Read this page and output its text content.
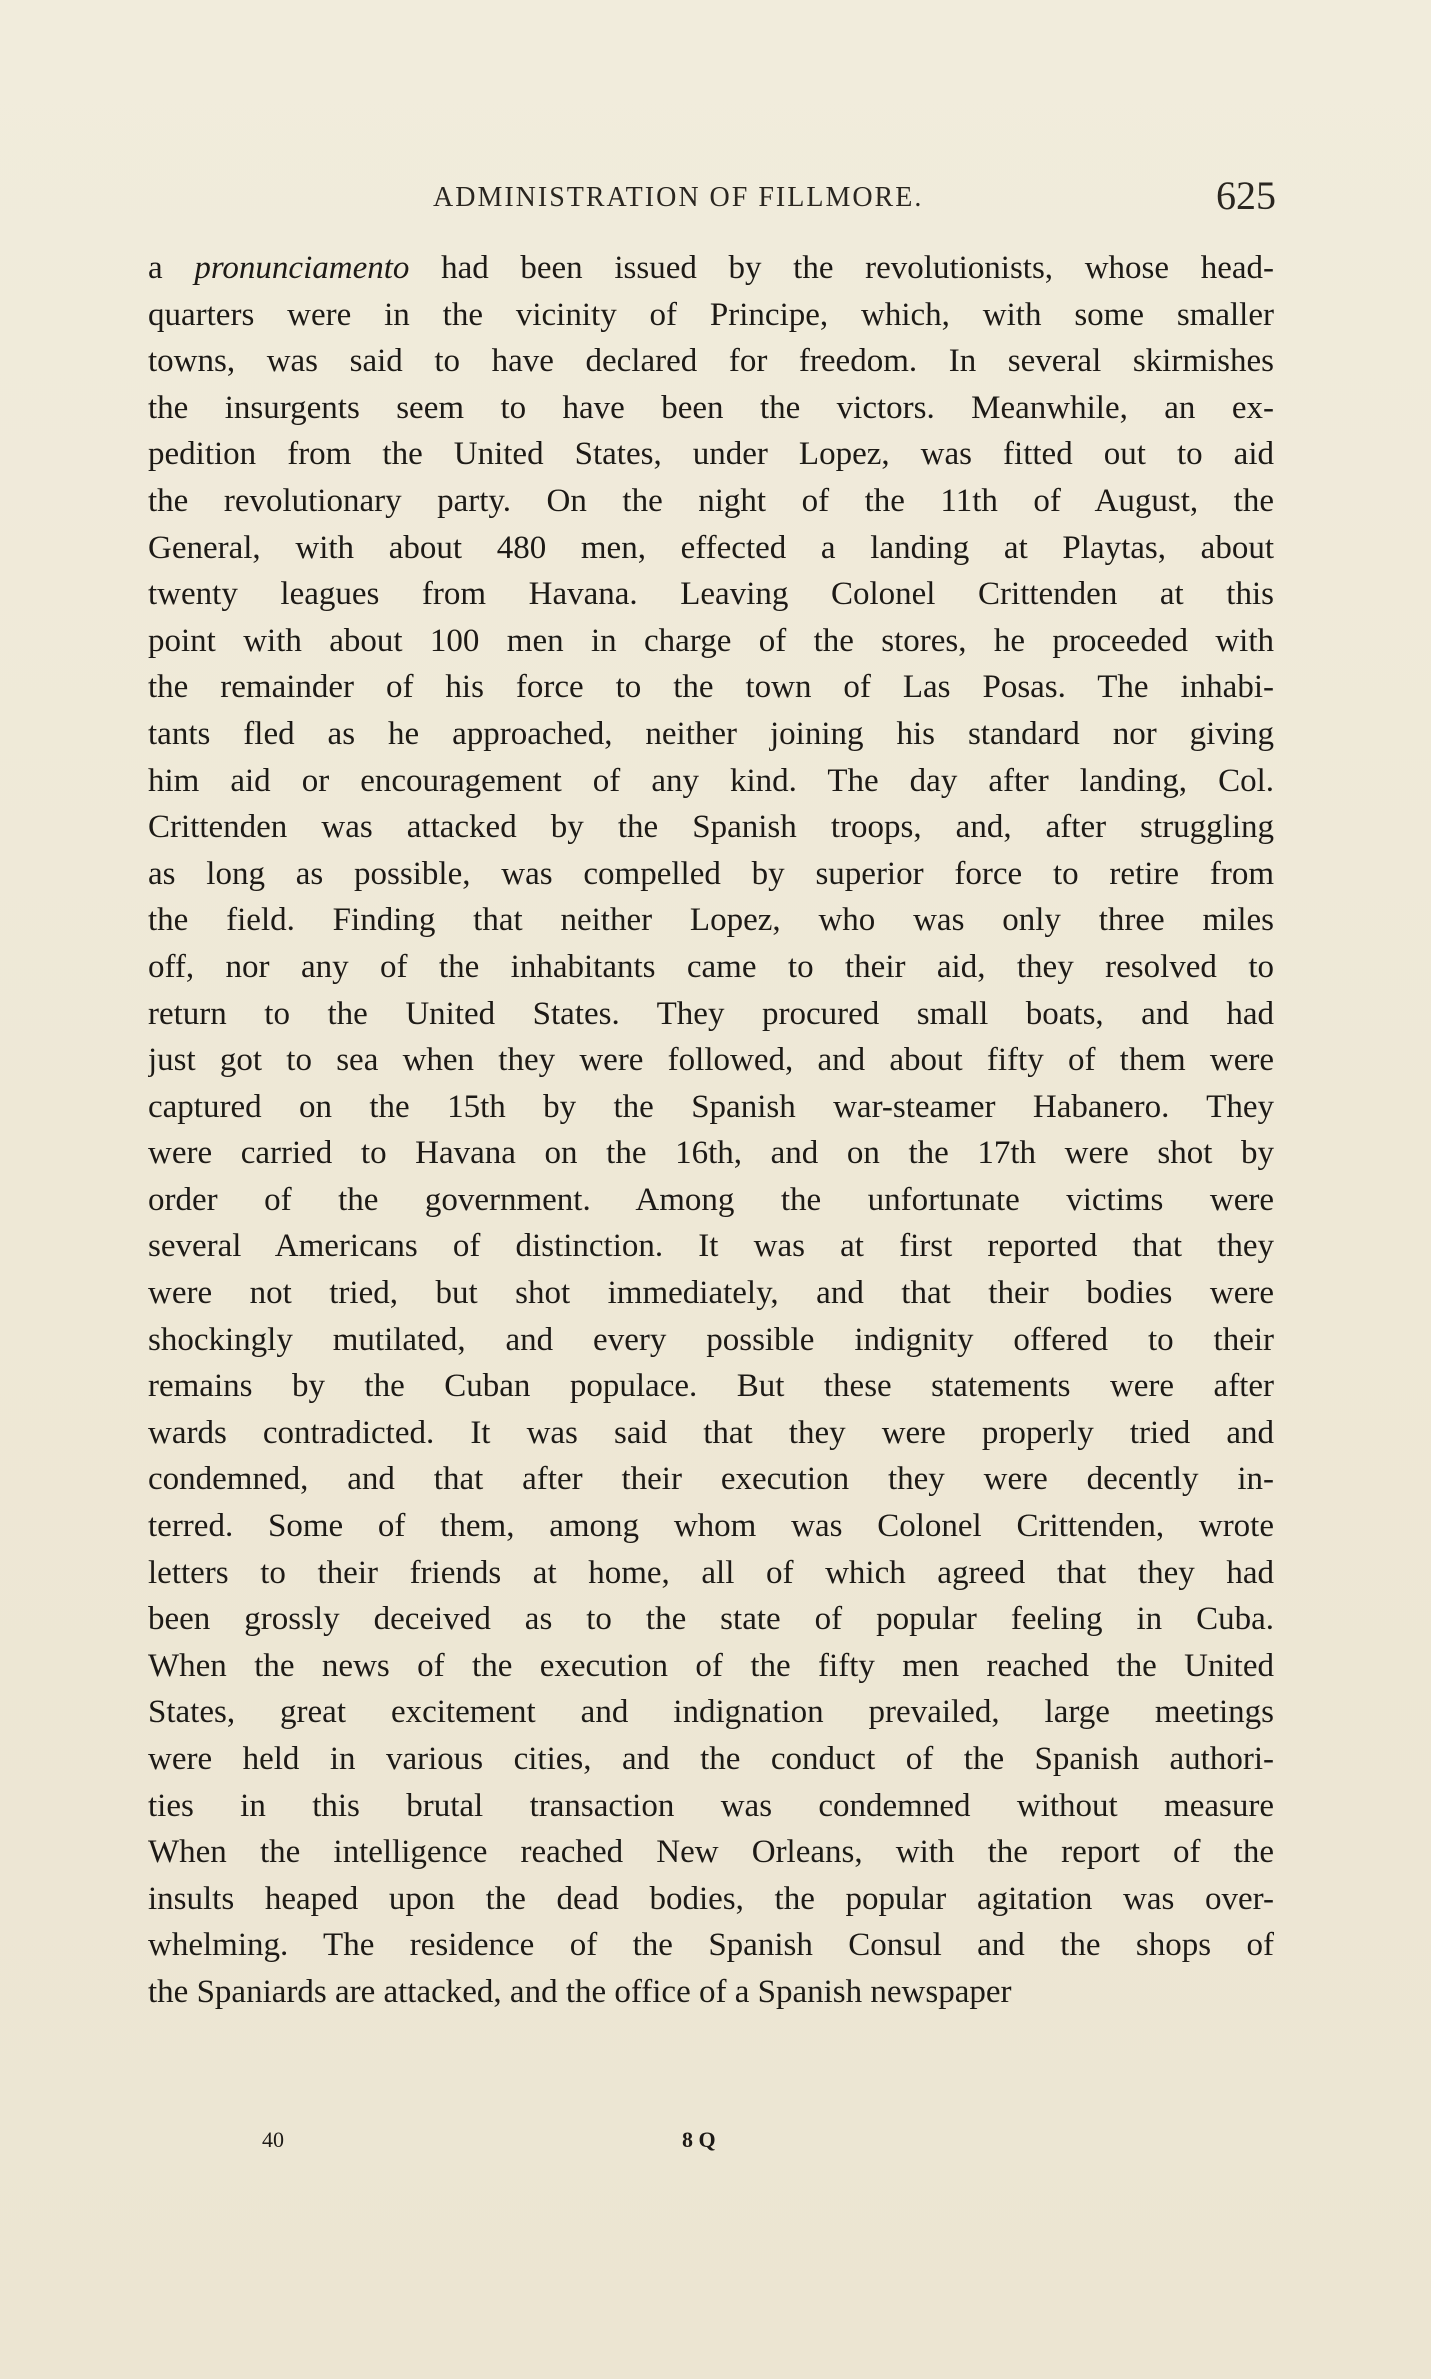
ADMINISTRATION OF FILLMORE.	625
a pronunciamento had been issued by the revolutionists, whose head-
quarters were in the vicinity of Principe, which, with some smaller
towns, was said to have declared for freedom. In several skirmishes
the insurgents seem to have been the victors. Meanwhile, an ex-
pedition from the United States, under Lopez, was fitted out to aid
the revolutionary party. On the night of the 11th of August, the
General, with about 480 men, effected a landing at Playtas, about
twenty leagues from Havana. Leaving Colonel Crittenden at this
point with about 100 men in charge of the stores, he proceeded with
the remainder of his force to the town of Las Posas. The inhabi-
tants fled as he approached, neither joining his standard nor giving
him aid or encouragement of any kind. The day after landing, Col.
Crittenden was attacked by the Spanish troops, and, after struggling
as long as possible, was compelled by superior force to retire from
the field. Finding that neither Lopez, who was only three miles
off, nor any of the inhabitants came to their aid, they resolved to
return to the United States. They procured small boats, and had
just got to sea when they were followed, and about fifty of them were
captured on the 15th by the Spanish war-steamer Habanero. They
were carried to Havana on the 16th, and on the 17th were shot by
order of the government. Among the unfortunate victims were
several Americans of distinction. It was at first reported that they
were not tried, but shot immediately, and that their bodies were
shockingly mutilated, and every possible indignity offered to their
remains by the Cuban populace. But these statements were after
wards contradicted. It was said that they were properly tried and
condemned, and that after their execution they were decently in-
terred. Some of them, among whom was Colonel Crittenden, wrote
letters to their friends at home, all of which agreed that they had
been grossly deceived as to the state of popular feeling in Cuba.
When the news of the execution of the fifty men reached the United
States, great excitement and indignation prevailed, large meetings
were held in various cities, and the conduct of the Spanish authori-
ties in this brutal transaction was condemned without measure
When the intelligence reached New Orleans, with the report of the
insults heaped upon the dead bodies, the popular agitation was over-
whelming. The residence of the Spanish Consul and the shops of
the Spaniards are attacked, and the office of a Spanish newspaper
40	8 Q
